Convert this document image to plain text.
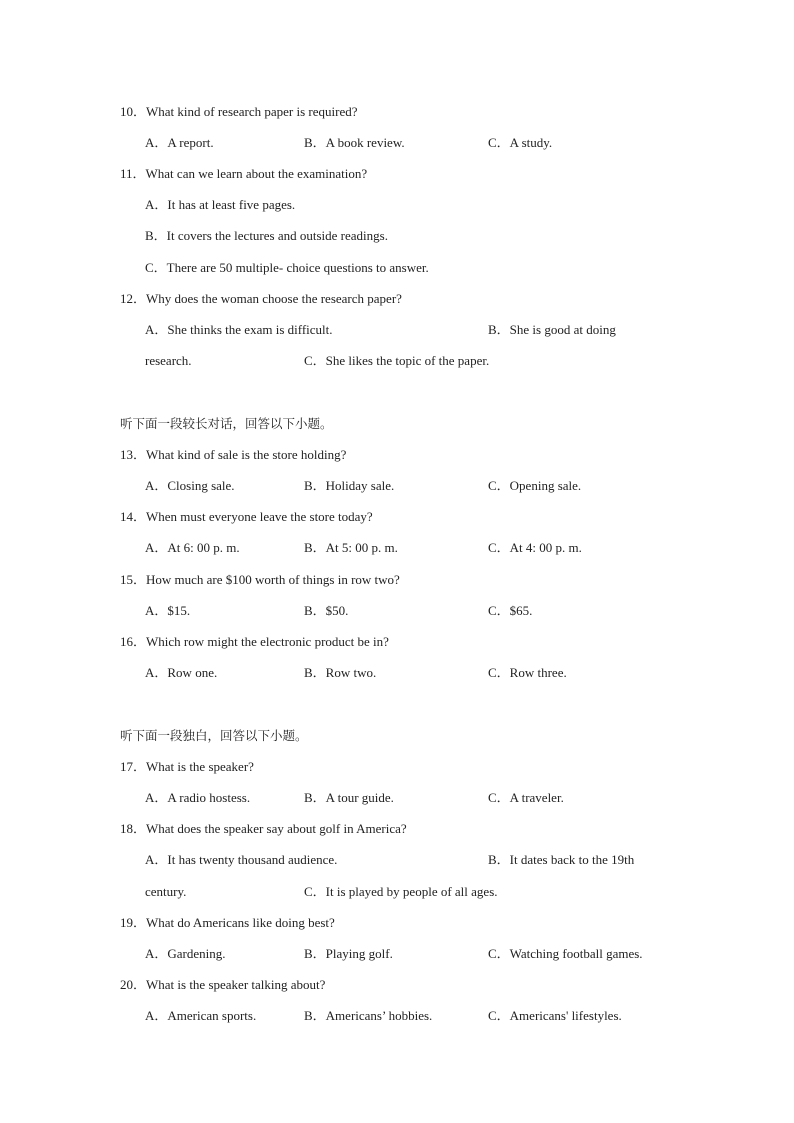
10．What kind of research paper is required?
A．A report.	B．A book review.	C．A study.
11．What can we learn about the examination?
A．It has at least five pages.
B．It covers the lectures and outside readings.
C．There are 50 multiple- choice questions to answer.
12．Why does the woman choose the research paper?
A．She thinks the exam is difficult.	B．She is good at doing
research.	C．She likes the topic of the paper.
听下面一段较长对话，回答以下小题。
13．What kind of sale is the store holding?
A．Closing sale.	B．Holiday sale.	C．Opening sale.
14．When must everyone leave the store today?
A．At 6: 00 p. m.	B．At 5: 00 p. m.	C．At 4: 00 p. m.
15．How much are $100 worth of things in row two?
A．$15.	B．$50.	C．$65.
16．Which row might the electronic product be in?
A．Row one.	B．Row two.	C．Row three.
听下面一段独白，回答以下小题。
17．What is the speaker?
A．A radio hostess.	B．A tour guide.	C．A traveler.
18．What does the speaker say about golf in America?
A．It has twenty thousand audience.	B．It dates back to the 19th
century.	C．It is played by people of all ages.
19．What do Americans like doing best?
A．Gardening.	B．Playing golf.	C．Watching football games.
20．What is the speaker talking about?
A．American sports.	B．Americans’ hobbies.	C．Americans' lifestyles.
